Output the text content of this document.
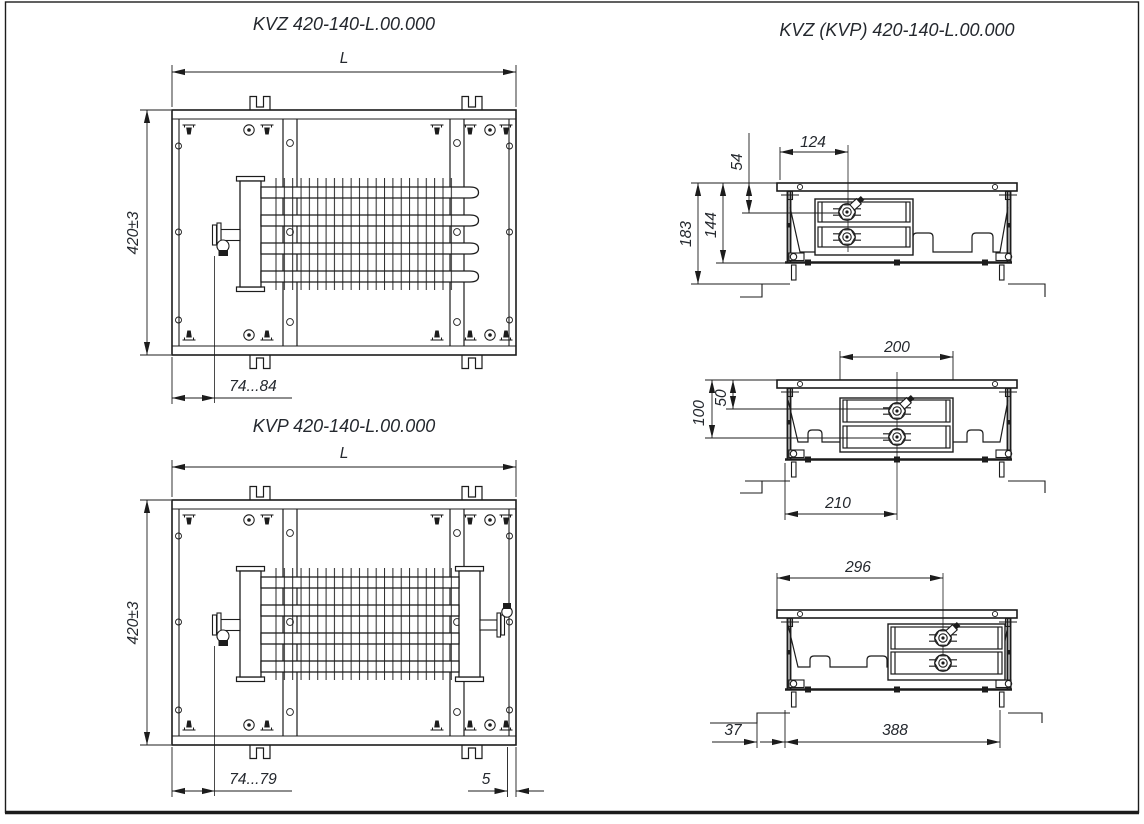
KVZ 420-140-L.00.000
L
420±3
74...84
KVP 420-140-L.00.000
L
420±3
74...79	5
KVZ (KVP) 420-140-L.00.000
124
54
183 144
200
100
50
210
296
37	388
